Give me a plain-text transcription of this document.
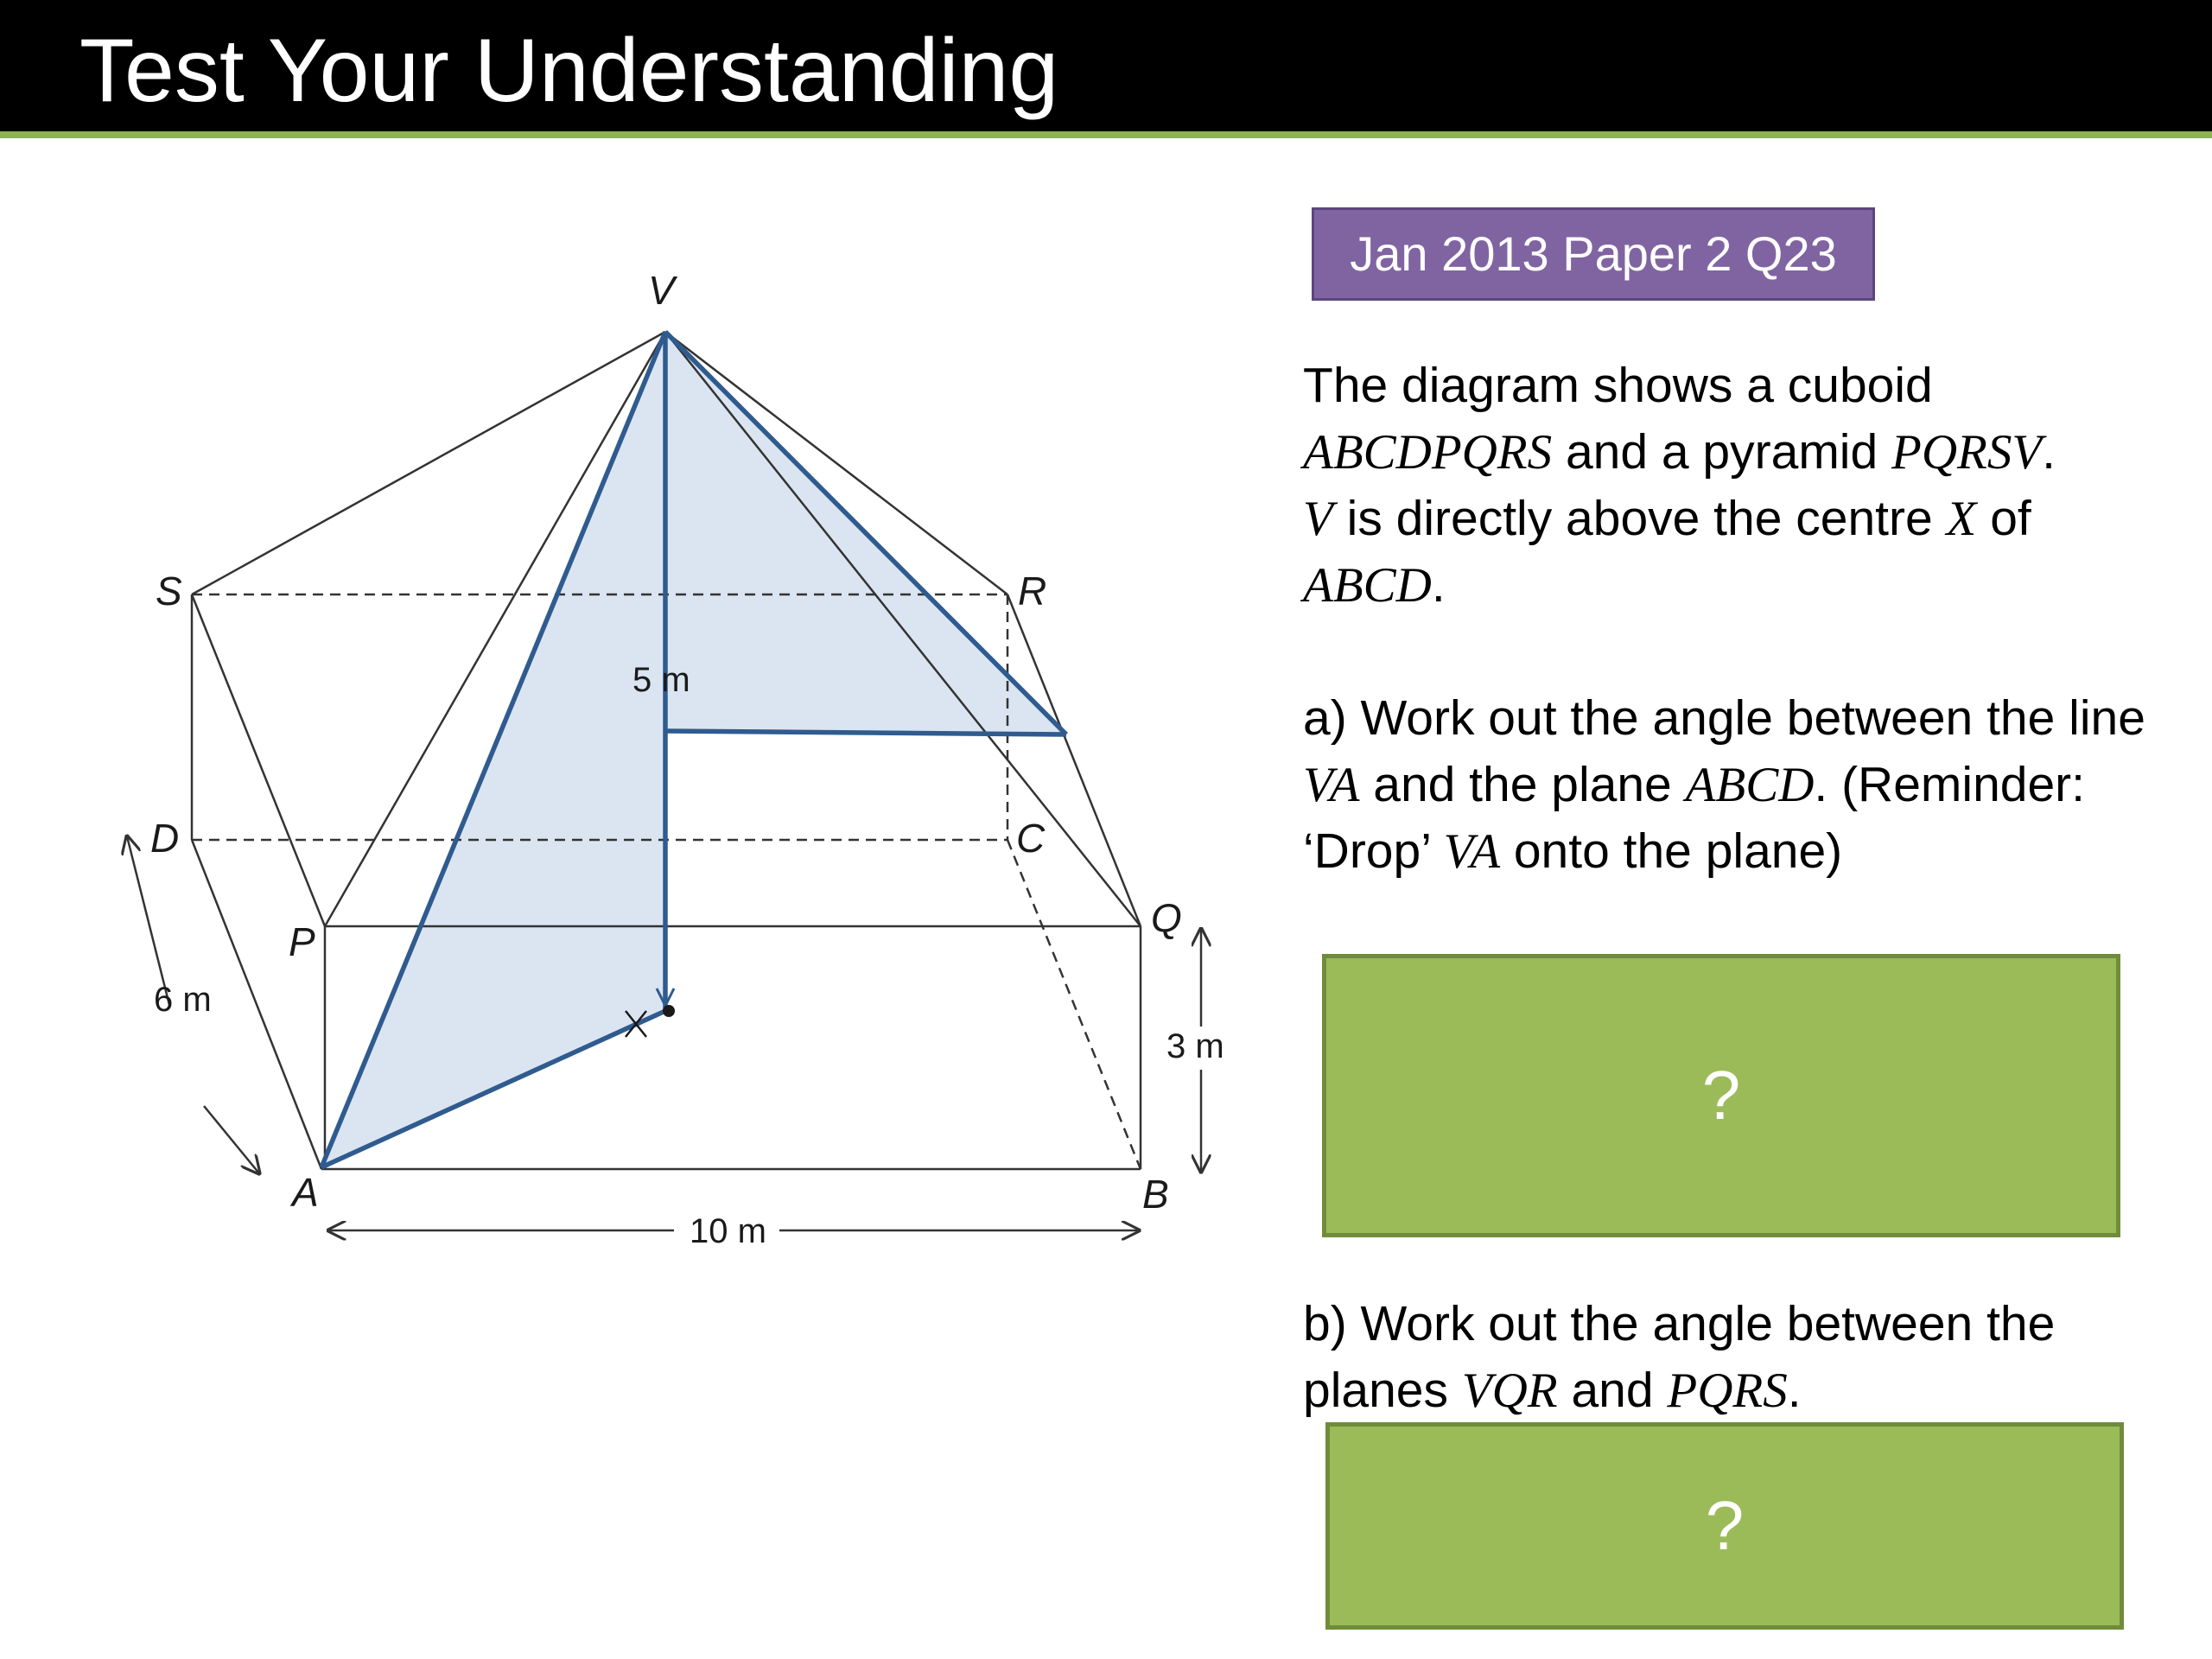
Test Your Understanding
V
S	R
D	C
P
Q
A	B
5 m
6 m
3 m
10 m
Jan 2013 Paper 2 Q23
The diagram shows a cuboid
ABCDPQRS and a pyramid PQRSV.
V is directly above the centre X of
ABCD.
a) Work out the angle between the line VA and the plane ABCD. (Reminder: ‘Drop’ VA onto the plane)
?
b) Work out the angle between the planes VQR and PQRS.
?
